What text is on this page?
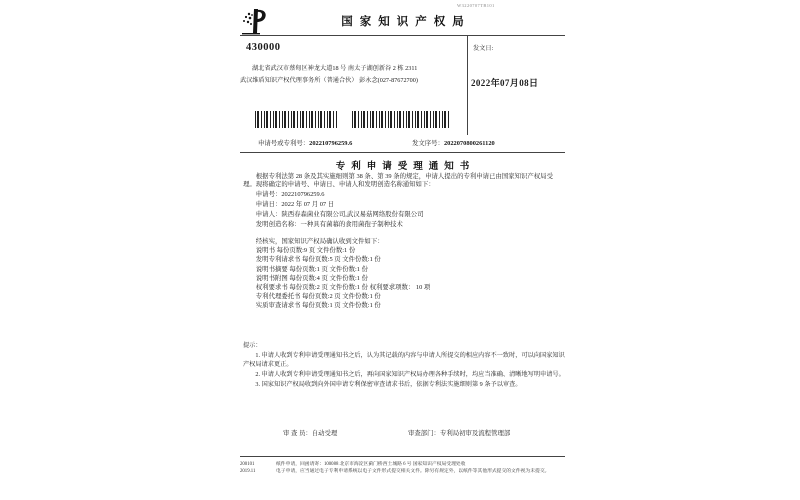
W3220707TB101
国家知识产权局
430000
湖北省武汉市蔡甸区神龙大道18 号 南太子湖创新谷 2 栋 2311
武汉维盾知识产权代理事务所（普通合伙） 彭永念(027-87672700)
发文日:
2022年07月08日
申请号或专利号：202210796259.6	发文序号：2022070800261120
专利申请受理通知书
根据专利法第 28 条及其实施细则第 38 条、第 39 条的规定，申请人提出的专利申请已由国家知识产权局受理。现将确定的申请号、申请日、申请人和发明创造名称通知如下：
申请号：202210796259.6
申请日：2022 年 07 月 07 日
申请人：陕西春森菌业有限公司,武汉易菇网络股份有限公司
发明创造名称：一种具有菌幕的食用菌孢子制种技术
经核实，国家知识产权局确认收到文件如下：
说明书 每份页数:9 页 文件份数:1 份
发明专利请求书 每份页数:5 页 文件份数:1 份
说明书摘要 每份页数:1 页 文件份数:1 份
说明书附图 每份页数:4 页 文件份数:1 份
权利要求书 每份页数:2 页 文件份数:1 份 权利要求项数： 10 项
专利代理委托书 每份页数:2 页 文件份数:1 份
实质审查请求书 每份页数:1 页 文件份数:1 份
提示：
1. 申请人收到专利申请受理通知书之后，认为其记载的内容与申请人所提交的相应内容不一致时，可以向国家知识产权局请求更正。
2. 申请人收到专利申请受理通知书之后，再向国家知识产权局办理各种手续时，均应当准确、清晰地写明申请号。
3. 国家知识产权局收到向外国申请专利保密审查请求书后，依据专利法实施细则第 9 条予以审查。
审 查 员：自动受理	审查部门：专利局初审及流程管理部
200101
2019.11
纸件申请，回函请寄：100088 北京市海淀区蓟门桥西土城路 6 号 国家知识产权局受理处收
电子申请，应当通过电子专利申请系统以电子文件形式提交相关文件。除另有规定外，以纸件等其他形式提交的文件视为未提交。
